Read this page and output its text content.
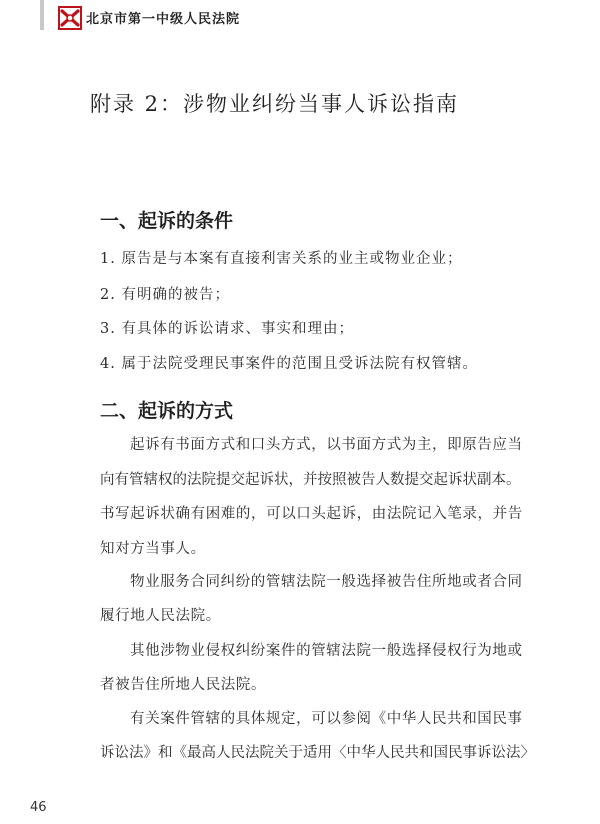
北京市第一中级人民法院
附录 2：涉物业纠纷当事人诉讼指南
一、起诉的条件
1. 原告是与本案有直接利害关系的业主或物业企业；
2. 有明确的被告；
3. 有具体的诉讼请求、事实和理由；
4. 属于法院受理民事案件的范围且受诉法院有权管辖。
二、起诉的方式
起诉有书面方式和口头方式，以书面方式为主，即原告应当
向有管辖权的法院提交起诉状，并按照被告人数提交起诉状副本。
书写起诉状确有困难的，可以口头起诉，由法院记入笔录，并告
知对方当事人。
物业服务合同纠纷的管辖法院一般选择被告住所地或者合同
履行地人民法院。
其他涉物业侵权纠纷案件的管辖法院一般选择侵权行为地或
者被告住所地人民法院。
有关案件管辖的具体规定，可以参阅《中华人民共和国民事
诉讼法》和《最高人民法院关于适用〈中华人民共和国民事诉讼法〉
46
